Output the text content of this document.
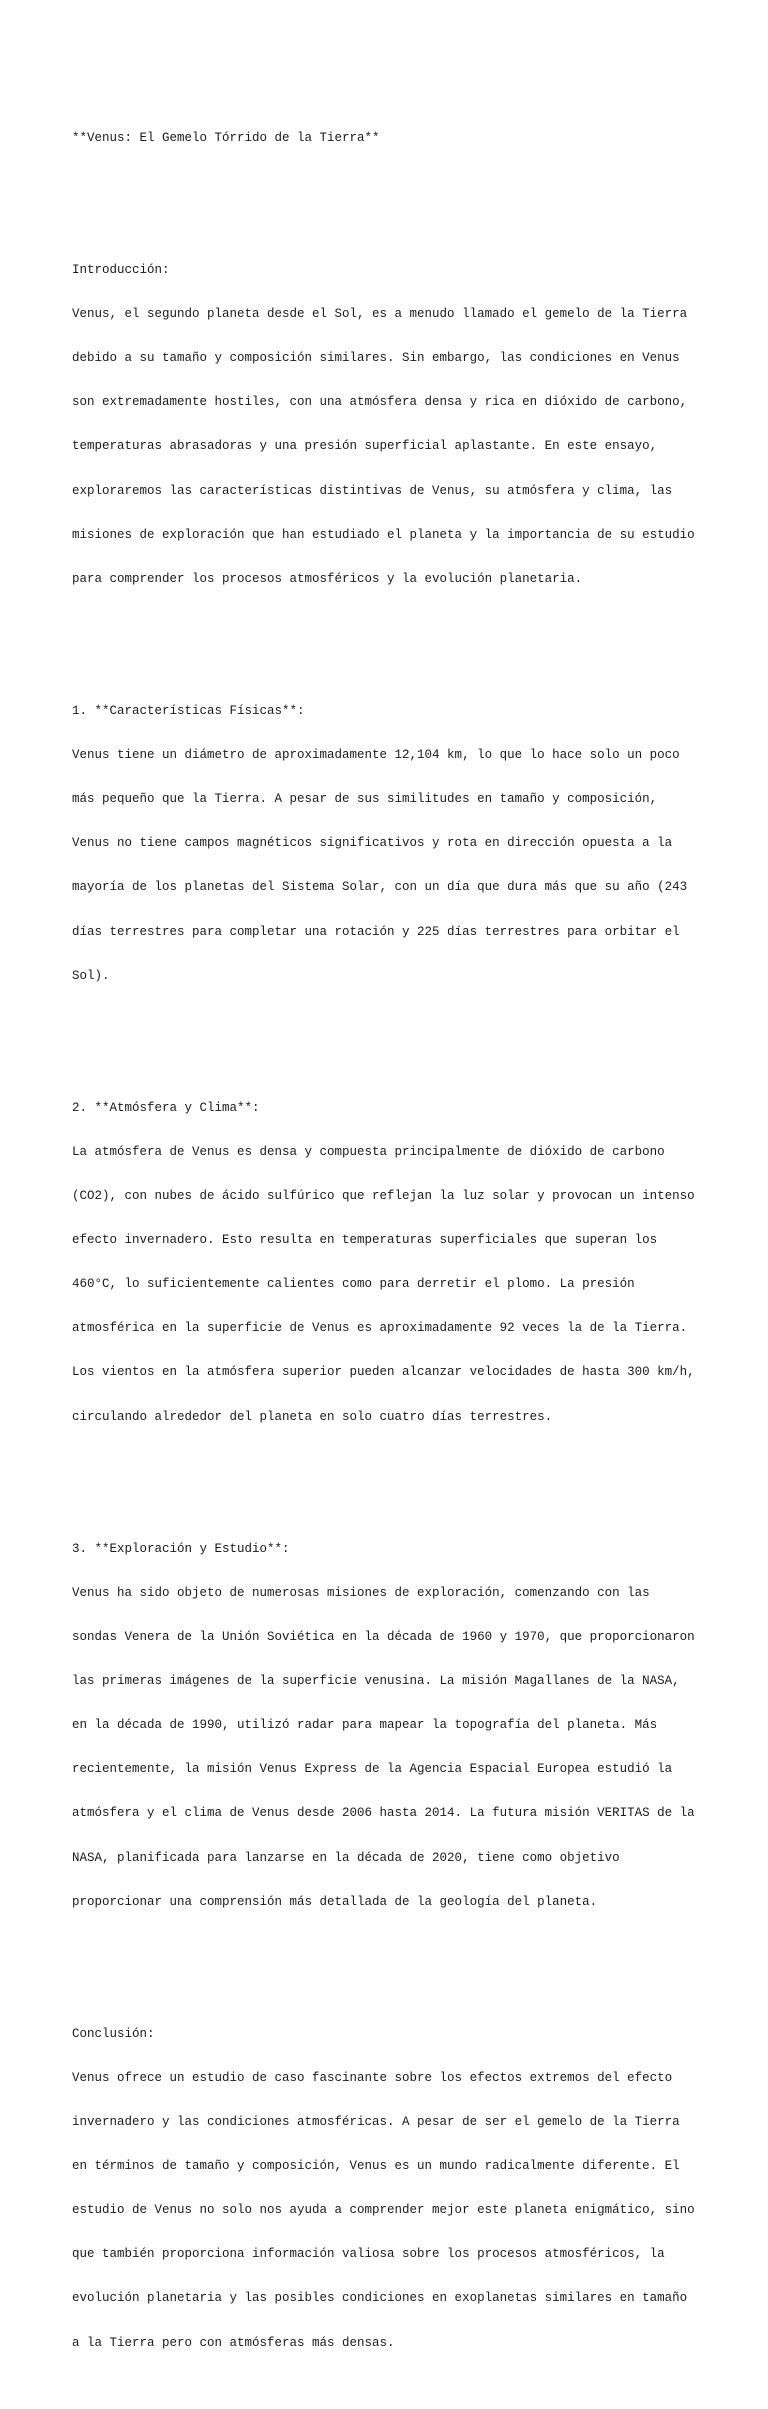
**Venus: El Gemelo Tórrido de la Tierra**

Introducción:

Venus, el segundo planeta desde el Sol, es a menudo llamado el gemelo de la Tierra

debido a su tamaño y composición similares. Sin embargo, las condiciones en Venus

son extremadamente hostiles, con una atmósfera densa y rica en dióxido de carbono,

temperaturas abrasadoras y una presión superficial aplastante. En este ensayo,

exploraremos las características distintivas de Venus, su atmósfera y clima, las

misiones de exploración que han estudiado el planeta y la importancia de su estudio

para comprender los procesos atmosféricos y la evolución planetaria.

1. **Características Físicas**:

Venus tiene un diámetro de aproximadamente 12,104 km, lo que lo hace solo un poco

más pequeño que la Tierra. A pesar de sus similitudes en tamaño y composición,

Venus no tiene campos magnéticos significativos y rota en dirección opuesta a la

mayoría de los planetas del Sistema Solar, con un día que dura más que su año (243

días terrestres para completar una rotación y 225 días terrestres para orbitar el

Sol).

2. **Atmósfera y Clima**:

La atmósfera de Venus es densa y compuesta principalmente de dióxido de carbono

(CO2), con nubes de ácido sulfúrico que reflejan la luz solar y provocan un intenso

efecto invernadero. Esto resulta en temperaturas superficiales que superan los

460°C, lo suficientemente calientes como para derretir el plomo. La presión

atmosférica en la superficie de Venus es aproximadamente 92 veces la de la Tierra.

Los vientos en la atmósfera superior pueden alcanzar velocidades de hasta 300 km/h,

circulando alrededor del planeta en solo cuatro días terrestres.

3. **Exploración y Estudio**:

Venus ha sido objeto de numerosas misiones de exploración, comenzando con las

sondas Venera de la Unión Soviética en la década de 1960 y 1970, que proporcionaron

las primeras imágenes de la superficie venusina. La misión Magallanes de la NASA,

en la década de 1990, utilizó radar para mapear la topografía del planeta. Más

recientemente, la misión Venus Express de la Agencia Espacial Europea estudió la

atmósfera y el clima de Venus desde 2006 hasta 2014. La futura misión VERITAS de la

NASA, planificada para lanzarse en la década de 2020, tiene como objetivo

proporcionar una comprensión más detallada de la geología del planeta.

Conclusión:

Venus ofrece un estudio de caso fascinante sobre los efectos extremos del efecto

invernadero y las condiciones atmosféricas. A pesar de ser el gemelo de la Tierra

en términos de tamaño y composición, Venus es un mundo radicalmente diferente. El

estudio de Venus no solo nos ayuda a comprender mejor este planeta enigmático, sino

que también proporciona información valiosa sobre los procesos atmosféricos, la

evolución planetaria y las posibles condiciones en exoplanetas similares en tamaño

a la Tierra pero con atmósferas más densas.
